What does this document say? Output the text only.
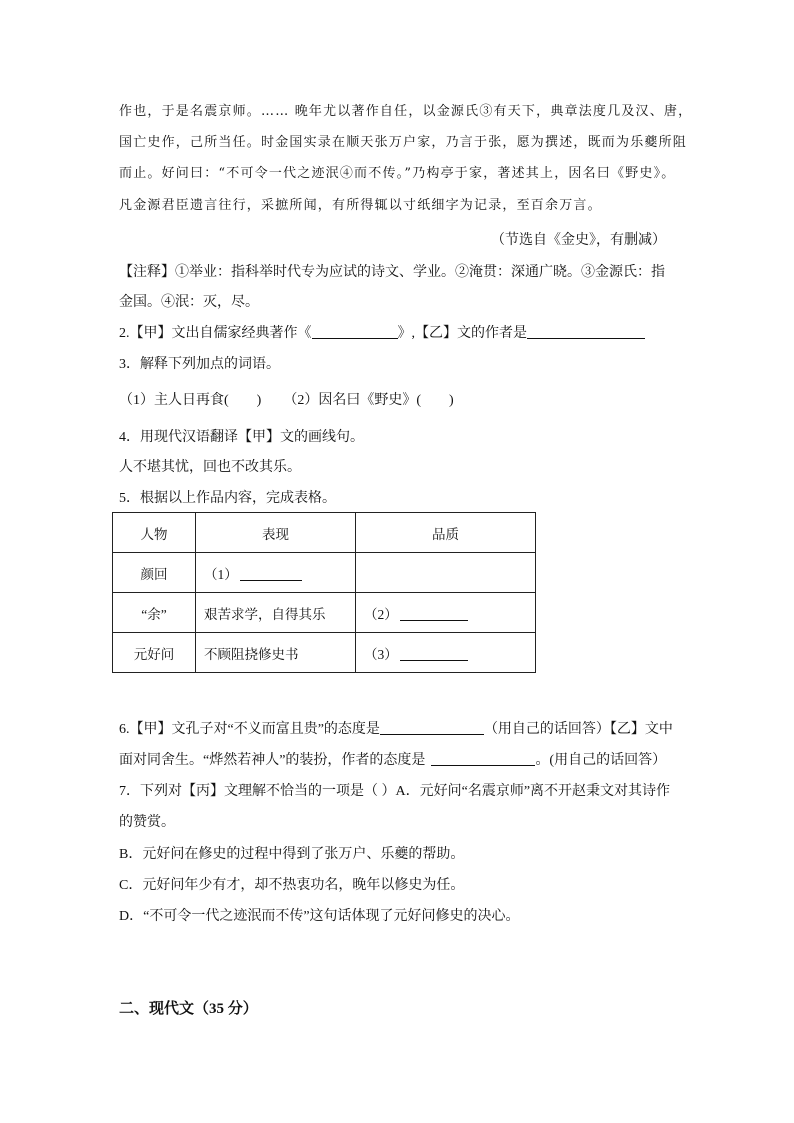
作也，于是名震京师。…… 晚年尤以著作自任，以金源氏③有天下，典章法度几及汉、唐，
国亡史作，己所当任。时金国实录在顺天张万户家，乃言于张，愿为撰述，既而为乐夔所阻
而止。好问曰：“不可令一代之迹泯④而不传。”乃构亭于家，著述其上，因名曰《野史》。
凡金源君臣遗言往行，采摭所闻，有所得辄以寸纸细字为记录，至百余万言。
（节选自《金史》，有删减）
【注释】①举业：指科举时代专为应试的诗文、学业。②淹贯：深通广晓。③金源氏：指
金国。④泯：灭，尽。
2.【甲】文出自儒家经典著作《	》,【乙】文的作者是
3．解释下列加点的词语。
（1）主人日再食(　　) （2）因名曰《野史》(　　)
4．用现代汉语翻译【甲】文的画线句。
人不堪其忧，回也不改其乐。
5．根据以上作品内容，完成表格。
人物	表现	品质
颜回	（1）	
“余”	艰苦求学，自得其乐	（2）
元好问	不顾阻挠修史书	（3）
6.【甲】文孔子对“不义而富且贵”的态度是	（用自己的话回答）【乙】文中
面对同舍生。“烨然若神人”的装扮，作者的态度是	。(用自己的话回答）
7．下列对【丙】文理解不恰当的一项是（ ）A．元好问“名震京师”离不开赵秉文对其诗作
的赞赏。
B．元好问在修史的过程中得到了张万户、乐夔的帮助。
C．元好问年少有才，却不热衷功名，晚年以修史为任。
D．“不可令一代之迹泯而不传”这句话体现了元好问修史的决心。
二、现代文（35 分）
